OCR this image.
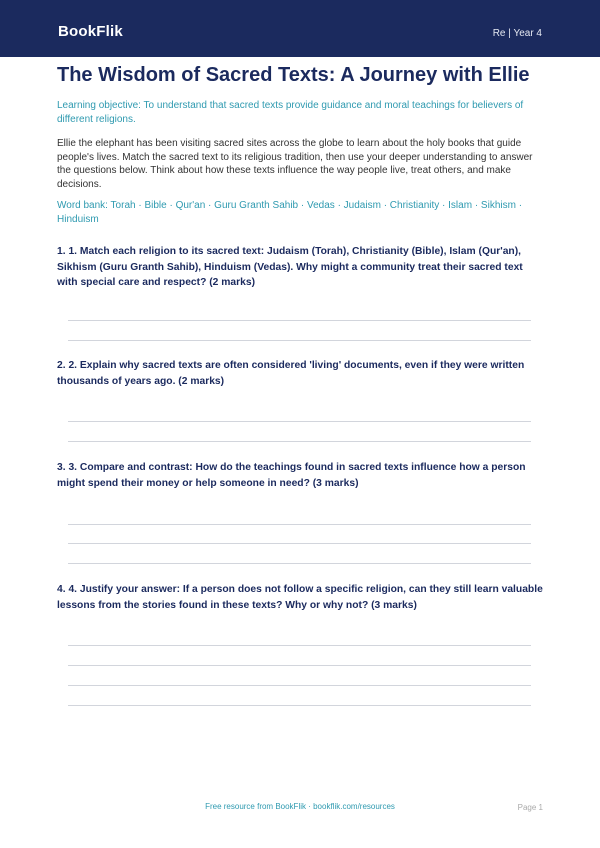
BookFlik	Re | Year 4
The Wisdom of Sacred Texts: A Journey with Ellie
Learning objective: To understand that sacred texts provide guidance and moral teachings for believers of different religions.
Ellie the elephant has been visiting sacred sites across the globe to learn about the holy books that guide people's lives. Match the sacred text to its religious tradition, then use your deeper understanding to answer the questions below. Think about how these texts influence the way people live, treat others, and make decisions.
Word bank: Torah · Bible · Qur'an · Guru Granth Sahib · Vedas · Judaism · Christianity · Islam · Sikhism · Hinduism
1. 1. Match each religion to its sacred text: Judaism (Torah), Christianity (Bible), Islam (Qur'an), Sikhism (Guru Granth Sahib), Hinduism (Vedas). Why might a community treat their sacred text with special care and respect? (2 marks)
2. 2. Explain why sacred texts are often considered 'living' documents, even if they were written thousands of years ago. (2 marks)
3. 3. Compare and contrast: How do the teachings found in sacred texts influence how a person might spend their money or help someone in need? (3 marks)
4. 4. Justify your answer: If a person does not follow a specific religion, can they still learn valuable lessons from the stories found in these texts? Why or why not? (3 marks)
Free resource from BookFlik · bookflik.com/resources	Page 1
